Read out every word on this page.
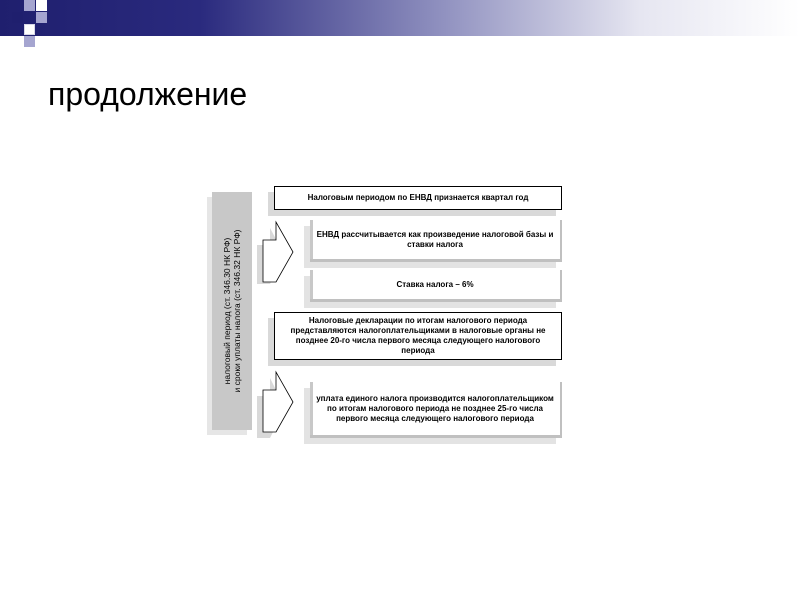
продолжение
налоговый период (ст. 346.30 НК РФ) и сроки уплаты налога (ст. 346.32 НК РФ)
Налоговым периодом по ЕНВД признается квартал год
ЕНВД рассчитывается как произведение налоговой базы и ставки налога
Ставка налога – 6%
Налоговые декларации по итогам налогового периода представляются налогоплательщиками в налоговые органы не позднее 20-го числа первого месяца следующего налогового периода
уплата единого налога производится налогоплательщиком по итогам налогового периода не позднее 25-го числа первого месяца следующего налогового периода
